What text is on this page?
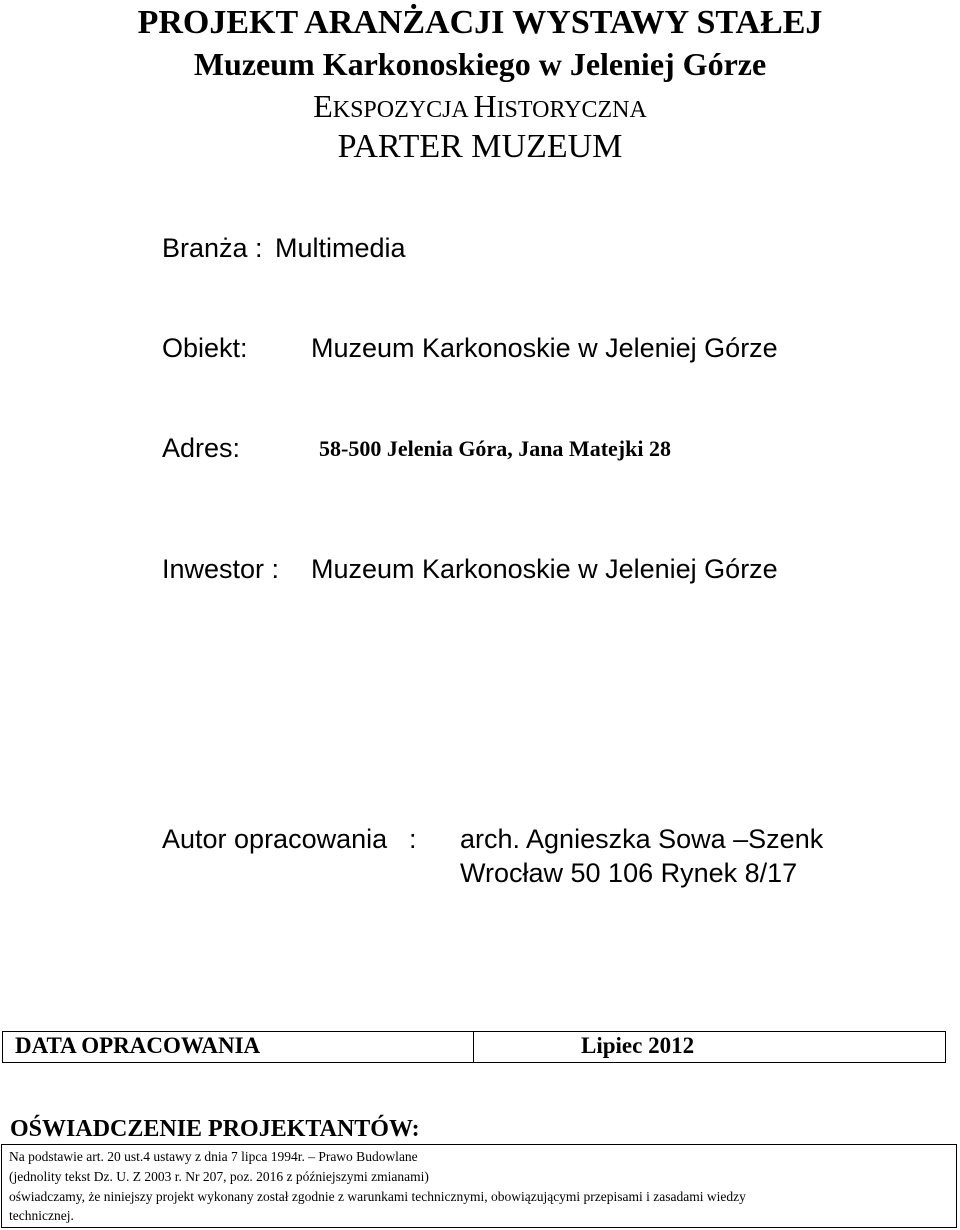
PROJEKT ARANŻACJI WYSTAWY STAŁEJ
Muzeum Karkonoskiego w Jeleniej Górze
EKSPOZYCJA HISTORYCZNA
PARTER MUZEUM
Branża : Multimedia
Obiekt: Muzeum Karkonoskie w Jeleniej Górze
Adres:	58-500 Jelenia Góra, Jana Matejki 28
Inwestor : Muzeum Karkonoskie w Jeleniej Górze
Autor opracowania : arch. Agnieszka Sowa –Szenk
Wrocław 50 106 Rynek 8/17
DATA OPRACOWANIA	Lipiec 2012
OŚWIADCZENIE PROJEKTANTÓW:
Na podstawie art. 20 ust.4 ustawy z dnia 7 lipca 1994r. – Prawo Budowlane
(jednolity tekst Dz. U. Z 2003 r. Nr 207, poz. 2016 z późniejszymi zmianami)
oświadczamy, że niniejszy projekt wykonany został zgodnie z warunkami technicznymi, obowiązującymi przepisami i zasadami wiedzy
technicznej.
